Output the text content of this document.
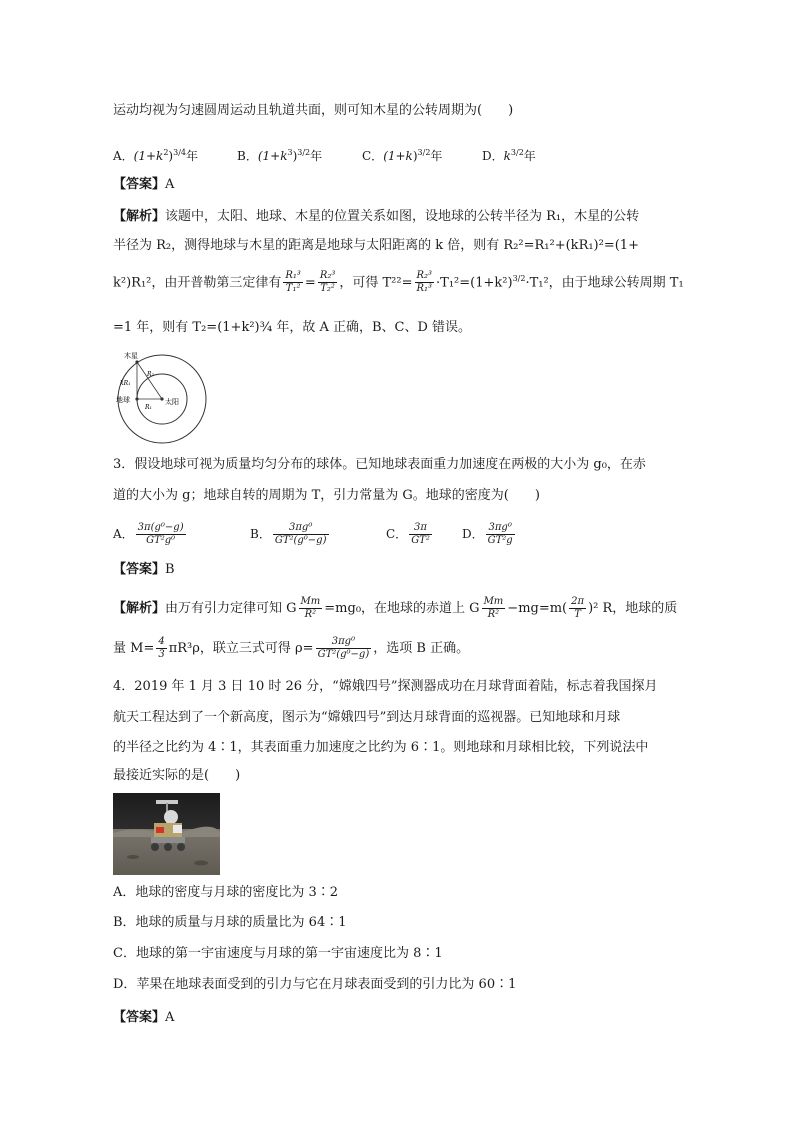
运动均视为匀速圆周运动且轨道共面，则可知木星的公转周期为(　　)
A．$(1+k^2)^{3/4}$年	B．$(1+k^3)^{3/2}$年	C．$(1+k)^{3/2}$年	D．$k^{3/2}$年
【答案】A
【解析】该题中，太阳、地球、木星的位置关系如图，设地球的公转半径为 R₁，木星的公转
半径为 R₂，测得地球与木星的距离是地球与太阳距离的 k 倍，则有 R₂²=R₁²+(kR₁)²=(1+
k²)R₁²，由开普勒第三定律有 $\frac{\text{R₁³}}{\text{T₁²}} = \frac{\text{R₂³}}{\text{T₂²}}$ ，可得 $T^{22}= \frac{\text{R₂³}}{\text{R₁³}} \cdot T_1^2=(1+k^2)^{3/2}\cdot T_1^2$，由于地球公转周期 T₁
=1 年，则有 T₂=(1+k²)¾ 年，故 A 正确，B、C、D 错误。
木星
地球	太阳
R₂
kR₁
R₁
3．假设地球可视为质量均匀分布的球体。已知地球表面重力加速度在两极的大小为 g₀，在赤
道的大小为 g；地球自转的周期为 T，引力常量为 G。地球的密度为(　　)
A． $\frac{\text{3π(g⁰−g)}}{\text{GT²g⁰}}$	B． $\frac{\text{3πg⁰}}{\text{GT²(g⁰−g)}}$	C． $\frac{3\pi}{\text{GT²}}$	D． $\frac{\text{3πg⁰}}{\text{GT²g}}$
【答案】B
【解析】由万有引力定律可知 G $\frac{Mm}{\text{R²}} =mg_0$，在地球的赤道上 G $\frac{Mm}{\text{R²}} -mg=m( \frac{2\pi}{T} )^2$ R，地球的质
量 $M= \frac{4}{3} \pi R^3\rho$，联立三式可得 $\rho= \frac{\text{3πg⁰}}{\text{GT²(g⁰−g)}}$ ，选项 B 正确。
4．2019 年 1 月 3 日 10 时 26 分，“嫦娥四号”探测器成功在月球背面着陆，标志着我国探月
航天工程达到了一个新高度，图示为“嫦娥四号”到达月球背面的巡视器。已知地球和月球
的半径之比约为 4∶1，其表面重力加速度之比约为 6∶1。则地球和月球相比较，下列说法中
最接近实际的是(　　)
A．地球的密度与月球的密度比为 3∶2
B．地球的质量与月球的质量比为 64∶1
C．地球的第一宇宙速度与月球的第一宇宙速度比为 8∶1
D．苹果在地球表面受到的引力与它在月球表面受到的引力比为 60∶1
【答案】A
